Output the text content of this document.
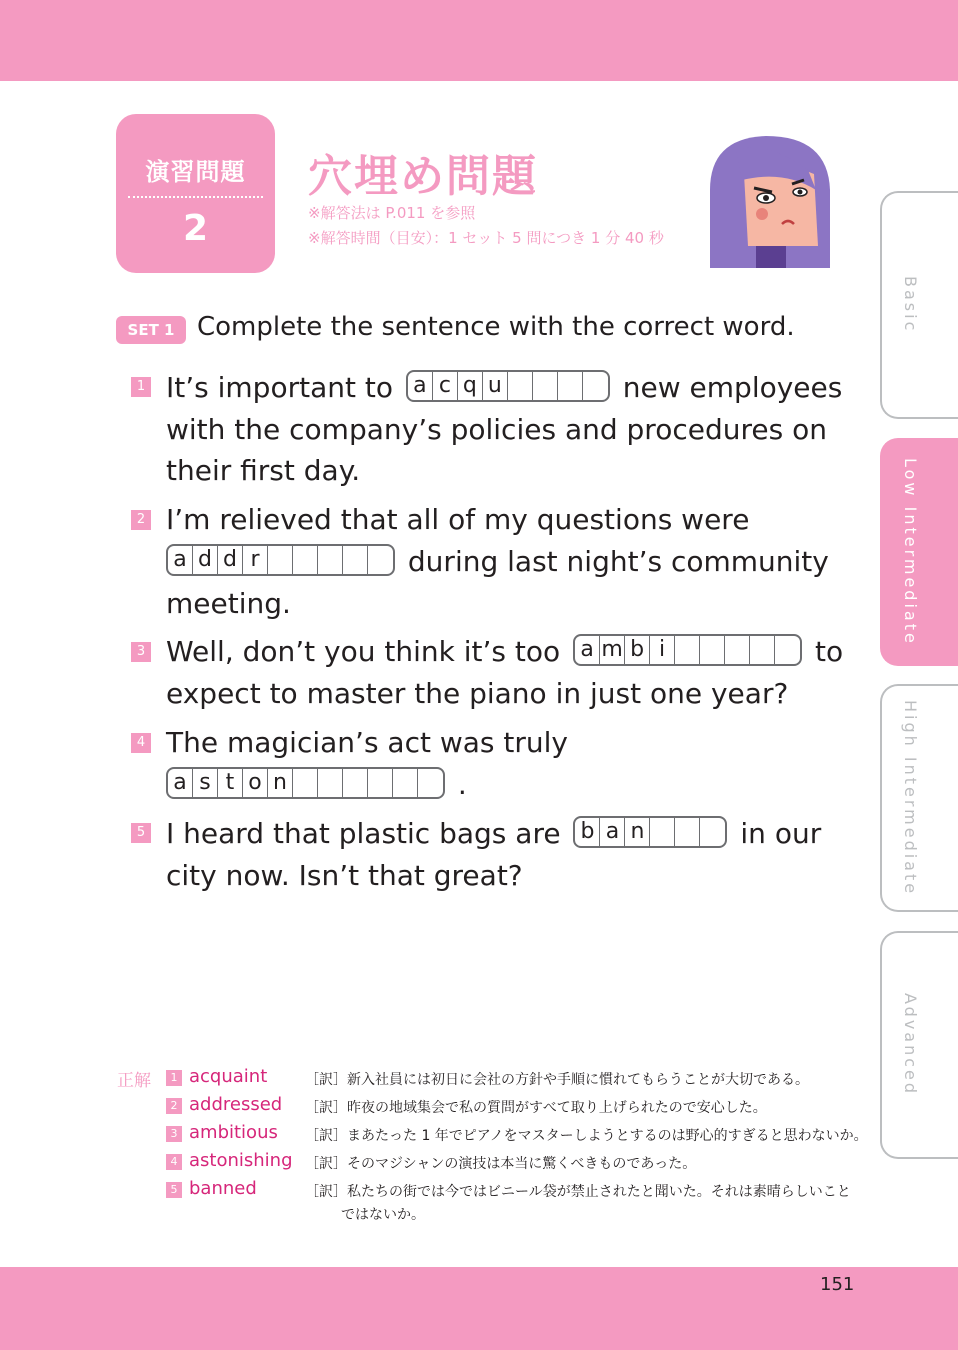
演習問題
2
穴埋め問題
※解答法は P.011 を参照
※解答時間（目安）：1 セット 5 問につき 1 分 40 秒
SET 1 Complete the sentence with the correct word.
1 It’s important to a c q u	new employees
with the company’s policies and procedures on
their first day.
2 I’m relieved that all of my questions were
a d d r	during last night’s community
meeting.
3 Well, don’t you think it’s too a m b i	to
expect to master the piano in just one year?
4 The magician’s act was truly
a s t o n	.
5 I heard that plastic bags are b a n	in our
city now. Isn’t that great?
Basic
Low Intermediate
High Intermediate
Advanced
正解	1 acquaint	［訳］新入社員には初日に会社の方針や手順に慣れてもらうことが大切である。
2 addressed ［訳］昨夜の地域集会で私の質問がすべて取り上げられたので安心した。
3 ambitious ［訳］まあたった 1 年でピアノをマスターしようとするのは野心的すぎると思わないか。
4 astonishing ［訳］そのマジシャンの演技は本当に驚くべきものであった。
5 banned	［訳］私たちの街では今ではビニール袋が禁止されたと聞いた。それは素晴らしいこと
ではないか。
151
